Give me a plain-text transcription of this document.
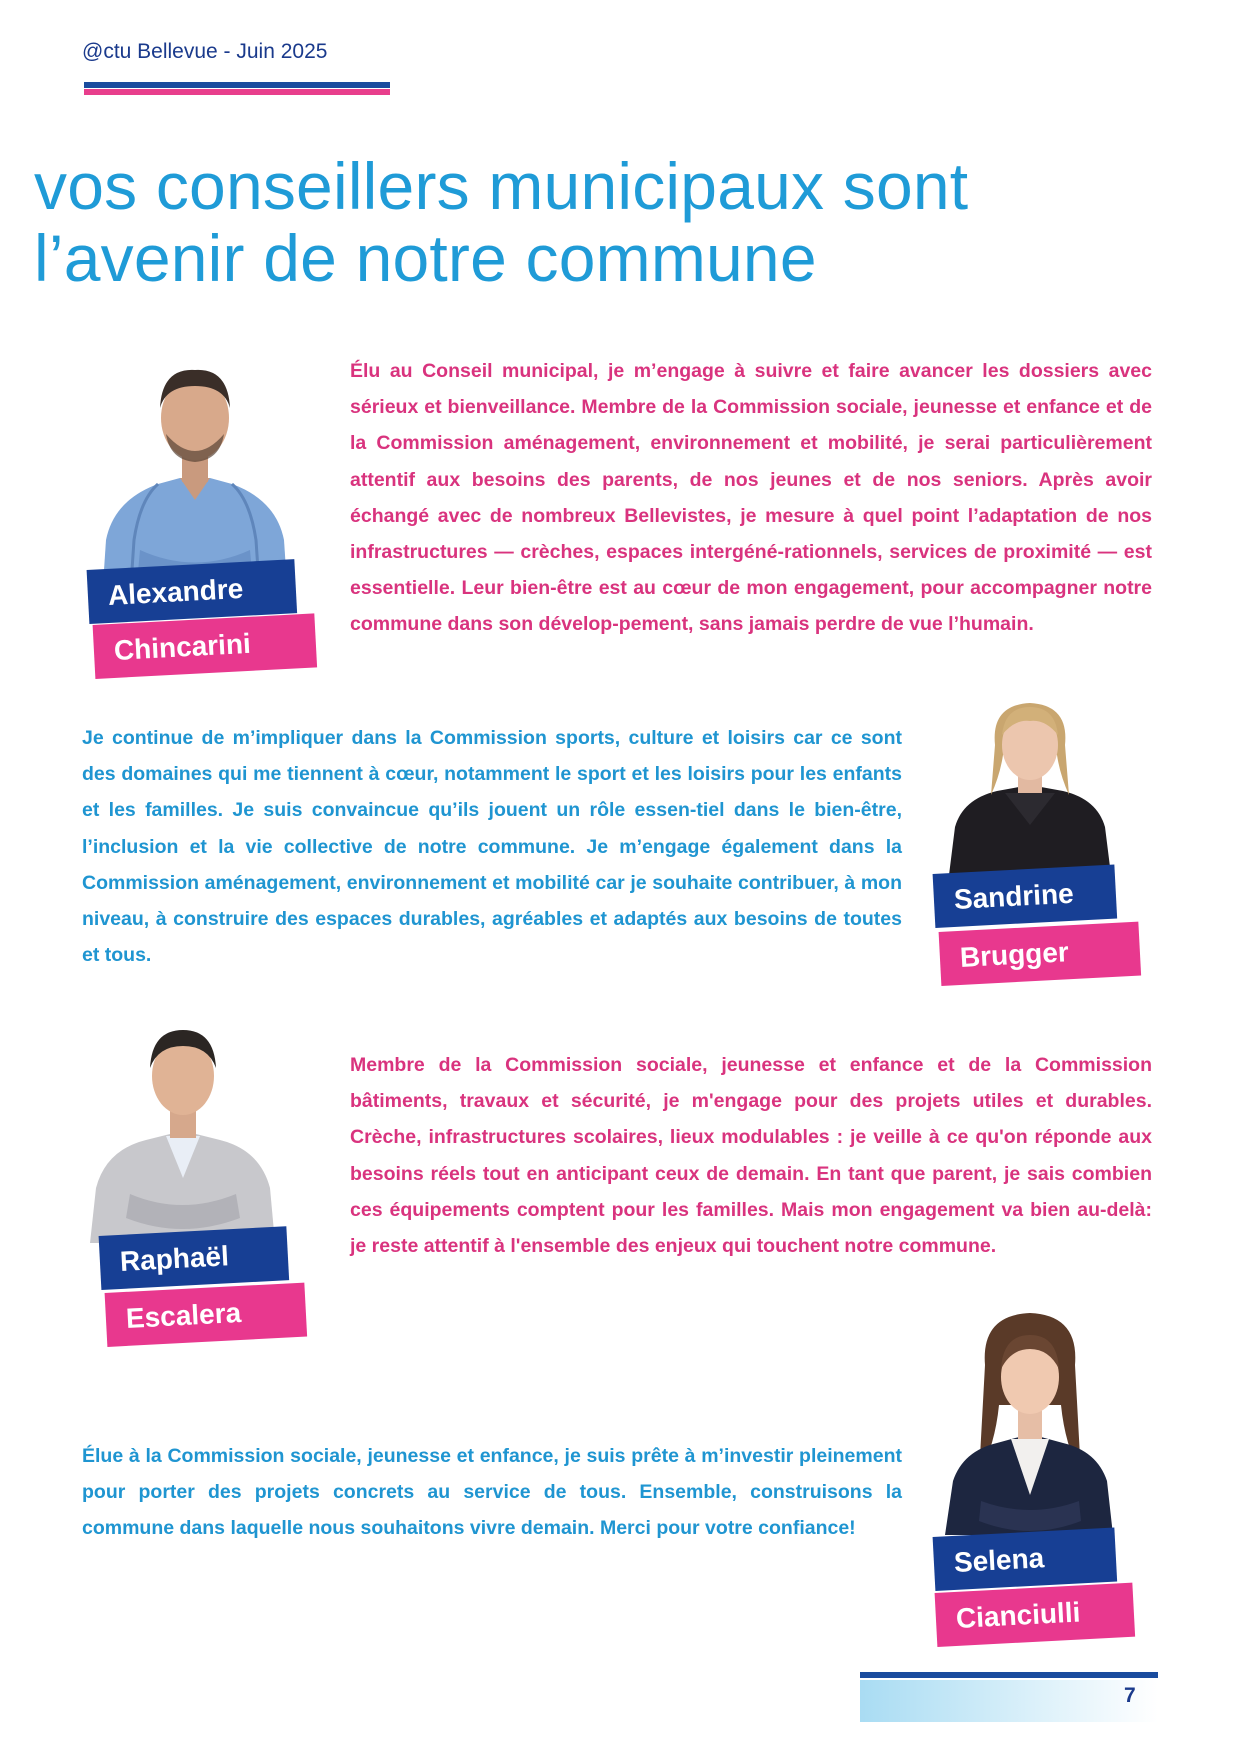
@ctu Bellevue - Juin 2025
vos conseillers municipaux sont
l’avenir de notre commune
Alexandre
Chincarini

Élu au Conseil municipal, je m’engage à suivre et faire avancer les dossiers avec sérieux et bienveillance. Membre de la Commission sociale, jeunesse et enfance et de la Commission aménagement, environnement et mobilité, je serai particulièrement attentif aux besoins des parents, de nos jeunes et de nos seniors. Après avoir échangé avec de nombreux Bellevistes, je mesure à quel point l’adaptation de nos infrastructures — crèches, espaces intergéné-rationnels, services de proximité — est essentielle. Leur bien-être est au cœur de mon engagement, pour accompagner notre commune dans son dévelop-pement, sans jamais perdre de vue l’humain.

Je continue de m’impliquer dans la Commission sports, culture et loisirs car ce sont des domaines qui me tiennent à cœur, notamment le sport et les loisirs pour les enfants et les familles. Je suis convaincue qu’ils jouent un rôle essen-tiel dans le bien-être, l’inclusion et la vie collective de notre commune. Je m’engage également dans la Commission aménagement, environnement et mobilité car je souhaite contribuer, à mon niveau, à construire des espaces durables, agréables et adaptés aux besoins de toutes et tous.

Sandrine
Brugger
Raphaël
Escalera

Membre de la Commission sociale, jeunesse et enfance et de la Commission bâtiments, travaux et sécurité, je m'engage pour des projets utiles et durables. Crèche, infrastructures scolaires, lieux modulables : je veille à ce qu'on réponde aux besoins réels tout en anticipant ceux de demain. En tant que parent, je sais combien ces équipements comptent pour les familles. Mais mon engagement va bien au-delà: je reste attentif à l'ensemble des enjeux qui touchent notre commune.

Élue à la Commission sociale, jeunesse et enfance, je suis prête à m’investir pleinement pour porter des projets concrets au service de tous. Ensemble, construisons la commune dans laquelle nous souhaitons vivre demain. Merci pour votre confiance!

Selena
Cianciulli
7
